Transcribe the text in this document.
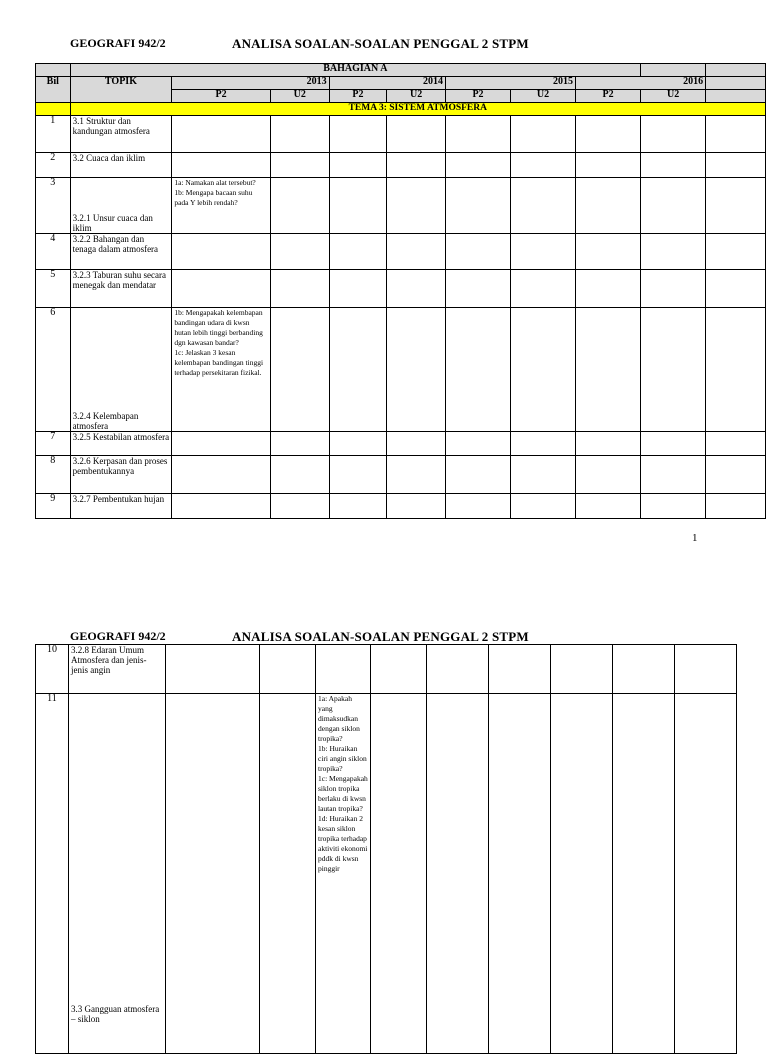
GEOGRAFI 942/2	ANALISA SOALAN-SOALAN PENGGAL 2 STPM
	BAHAGIAN A									
Bil	TOPIK	2013		2014		2015		2016		
		P2	U2	P2	U2	P2	U2	P2	U2	
	TEMA 3: SISTEM ATMOSFERA									
1	3.1 Struktur dan kandungan atmosfera									

2	3.2 Cuaca dan iklim									

3	3.2.1 Unsur cuaca dan iklim	1a: Namakan alat tersebut?
1b: Mengapa bacaan suhu pada Y lebih rendah?								
4	3.2.2 Bahangan dan tenaga dalam atmosfera									

5	3.2.3 Taburan suhu secara menegak dan mendatar									

6	3.2.4 Kelembapan atmosfera	1b: Mengapakah kelembapan bandingan udara di kwsn hutan lebih tinggi berbanding dgn kawasan bandar?
1c: Jelaskan 3 kesan kelembapan bandingan tinggi terhadap persekitaran fizikal.								
7	3.2.5 Kestabilan atmosfera									

8	3.2.6 Kerpasan dan proses pembentukannya									

9	3.2.7 Pembentukan hujan									

1
GEOGRAFI 942/2	ANALISA SOALAN-SOALAN PENGGAL 2 STPM
10	3.2.8 Edaran Umum Atmosfera dan jenis-jenis angin									

11	3.3 Gangguan atmosfera – siklon			1a: Apakah yang dimaksudkan dengan siklon tropika?
1b: Huraikan ciri angin siklon tropika?
1c: Mengapakah siklon tropika berlaku di kwsn lautan tropika?
1d: Huraikan 2 kesan siklon tropika terhadap aktiviti ekonomi pddk di kwsn pinggir						
